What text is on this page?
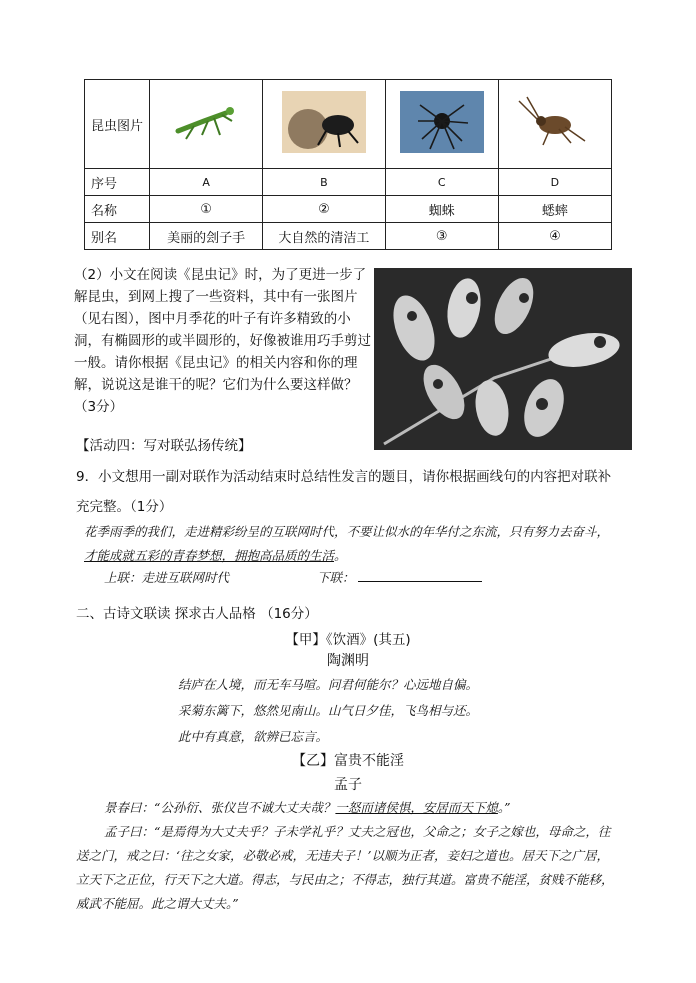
昆虫图片				
序号	A	B	C	D
名称	①	②	蜘蛛	蟋蟀
别名	美丽的刽子手	大自然的清洁工	③	④
（2）小文在阅读《昆虫记》时，为了更进一步了解昆虫，到网上搜了一些资料，其中有一张图片（见右图），图中月季花的叶子有许多精致的小洞，有椭圆形的或半圆形的，好像被谁用巧手剪过一般。请你根据《昆虫记》的相关内容和你的理解，说说这是谁干的呢？它们为什么要这样做？（3分）
【活动四：写对联弘扬传统】
9．小文想用一副对联作为活动结束时总结性发言的题目，请你根据画线句的内容把对联补充完整。（1分）
花季雨季的我们，走进精彩纷呈的互联网时代，不要让似水的年华付之东流，只有努力去奋斗，才能成就五彩的青春梦想，拥抱高品质的生活。
上联：走进互联网时代	下联：
二、古诗文联读 探求古人品格 （16分）
【甲】《饮酒》(其五)
陶渊明
结庐在人境，而无车马喧。问君何能尔？心远地自偏。
采菊东篱下，悠然见南山。山气日夕佳，飞鸟相与还。
此中有真意，欲辨已忘言。
【乙】富贵不能淫
孟子
景春曰：“公孙衍、张仪岂不诚大丈夫哉？一怒而诸侯惧，安居而天下熄。”
孟子曰：“是焉得为大丈夫乎？子未学礼乎？丈夫之冠也，父命之；女子之嫁也，母命之，往送之门，戒之曰：‘往之女家，必敬必戒，无违夫子！’以顺为正者，妾妇之道也。居天下之广居，立天下之正位，行天下之大道。得志，与民由之；不得志，独行其道。富贵不能淫，贫贱不能移，威武不能屈。此之谓大丈夫。”
